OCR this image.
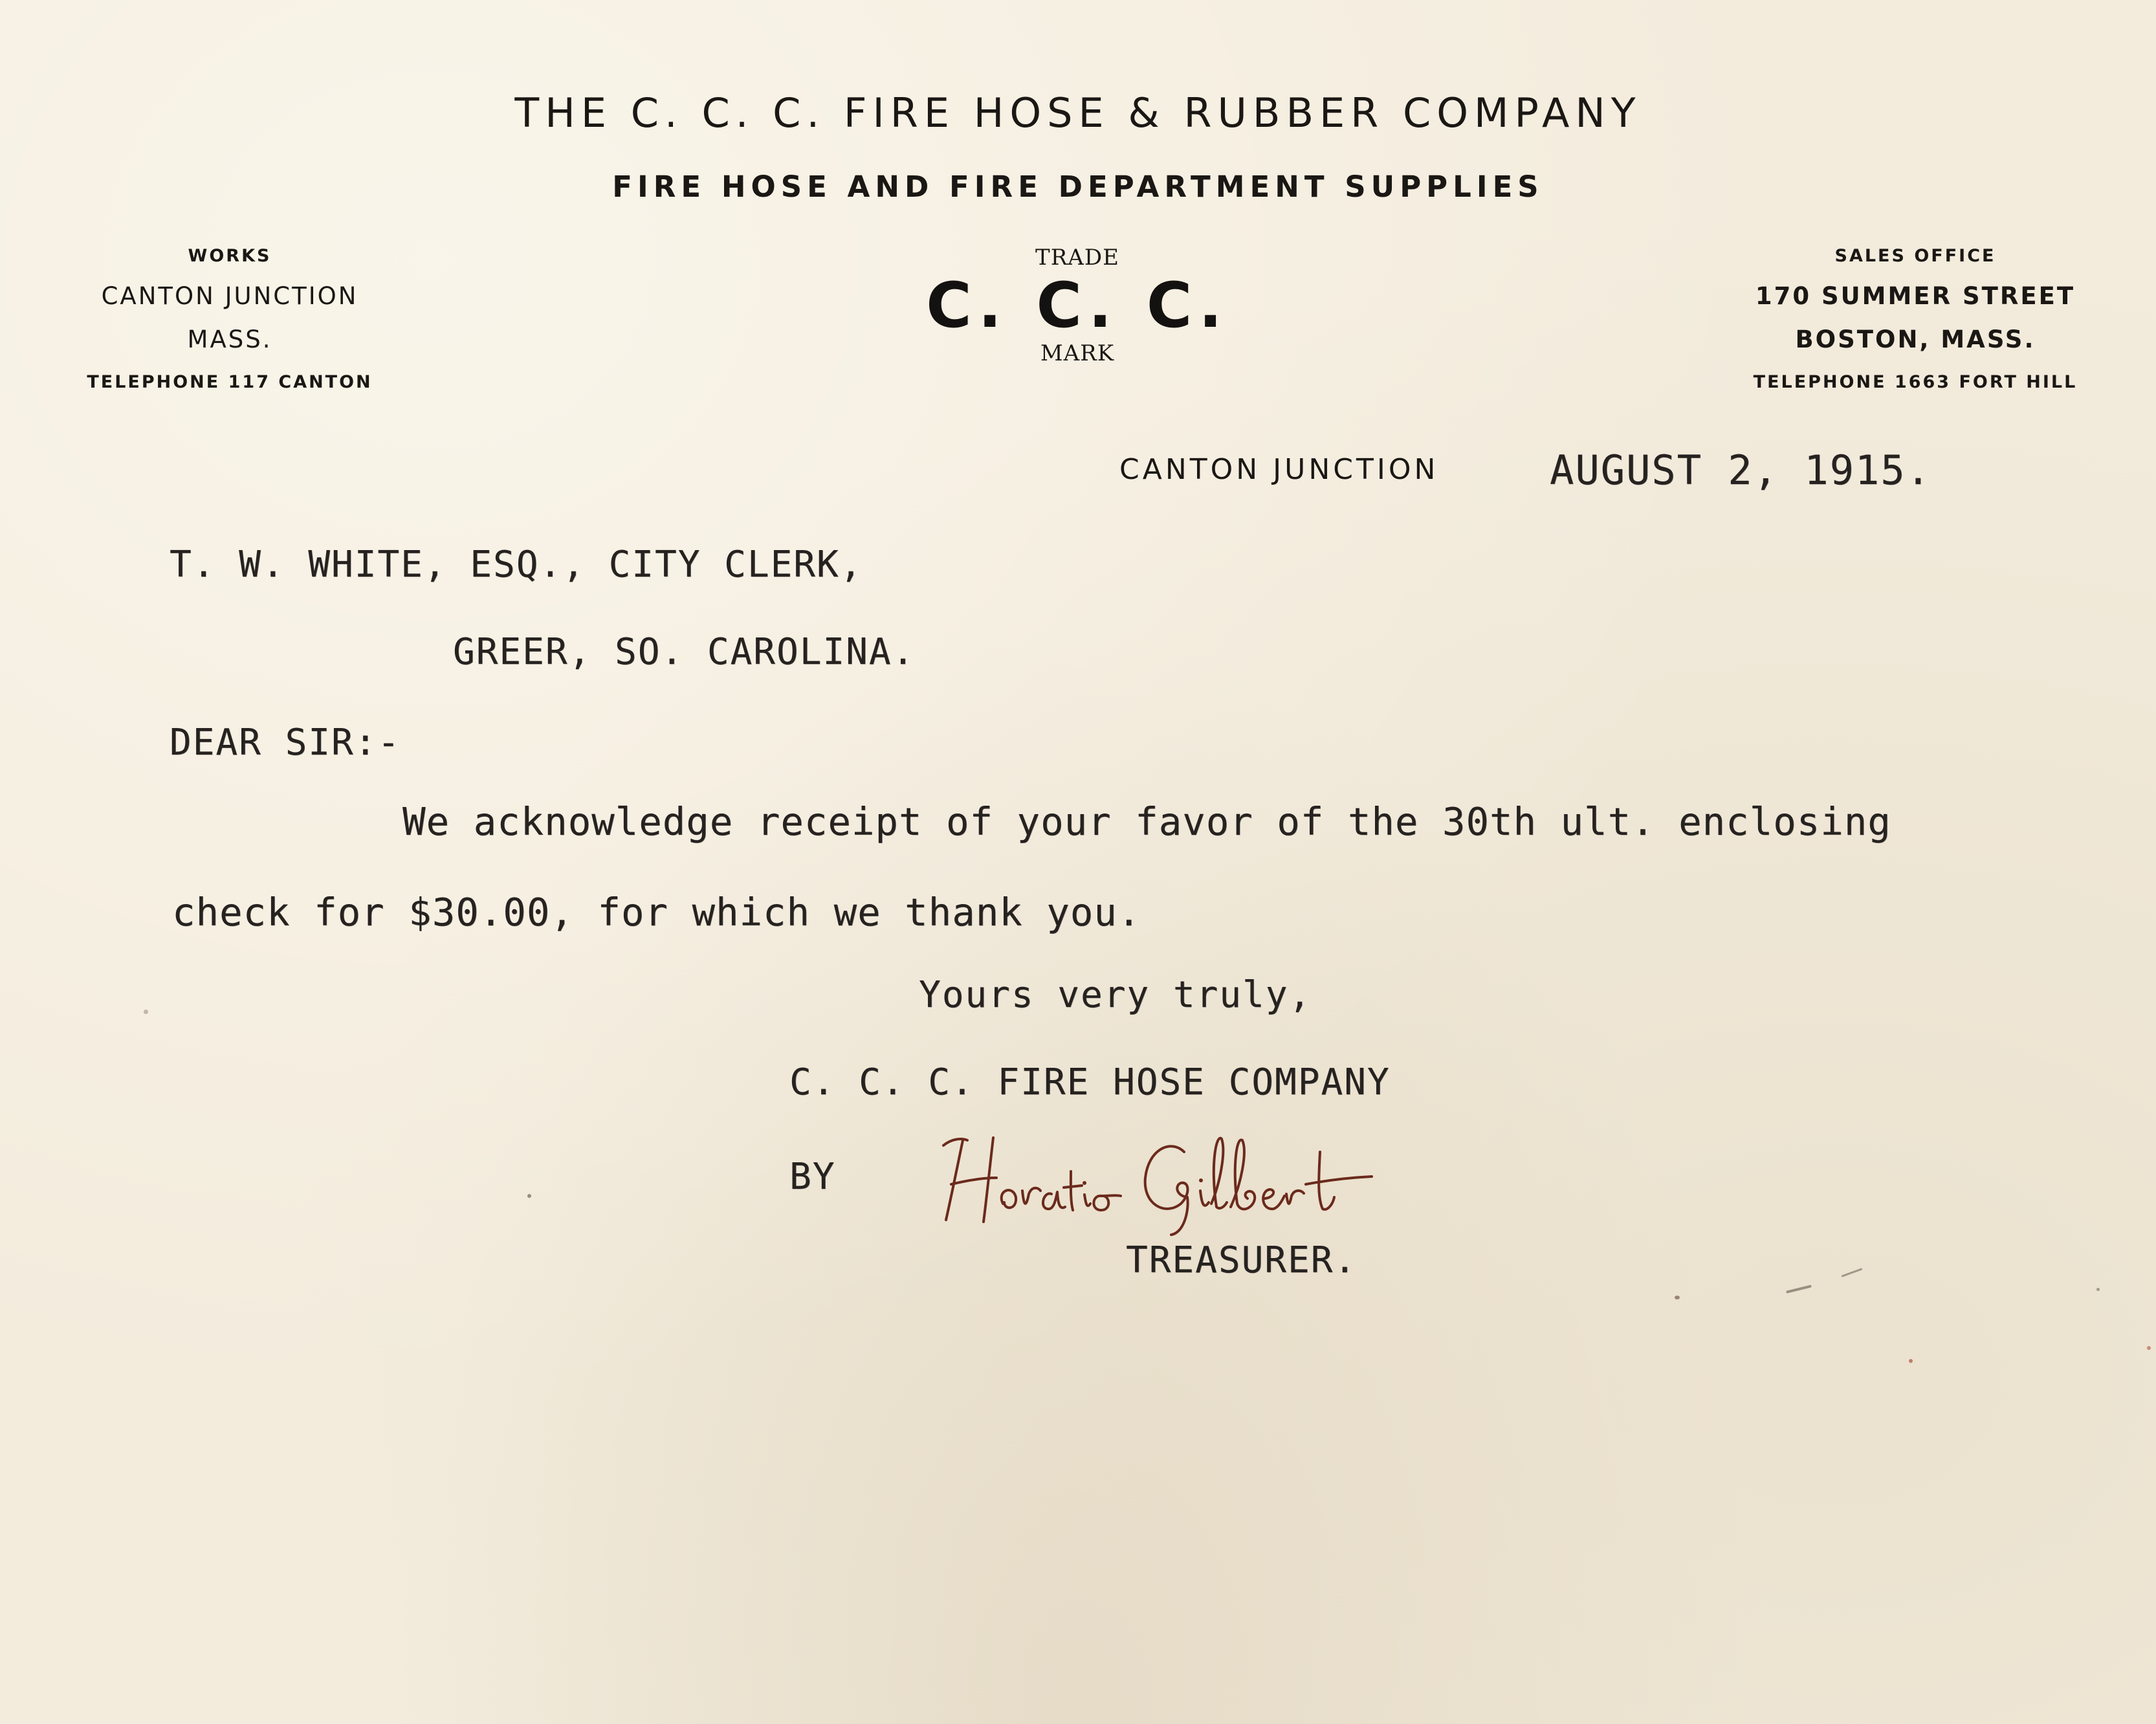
THE C. C. C. FIRE HOSE & RUBBER COMPANY
FIRE HOSE AND FIRE DEPARTMENT SUPPLIES
WORKS
CANTON JUNCTION
MASS.
TELEPHONE 117 CANTON
TRADE
C. C. C.
MARK
SALES OFFICE
170 SUMMER STREET
BOSTON, MASS.
TELEPHONE 1663 FORT HILL
CANTON JUNCTION	AUGUST 2, 1915.
T. W. WHITE, ESQ., CITY CLERK,
GREER, SO. CAROLINA.
DEAR SIR:-
We acknowledge receipt of your favor of the 30th ult. enclosing
check for $30.00, for which we thank you.
Yours very truly,
C. C. C. FIRE HOSE COMPANY
BY
TREASURER.
